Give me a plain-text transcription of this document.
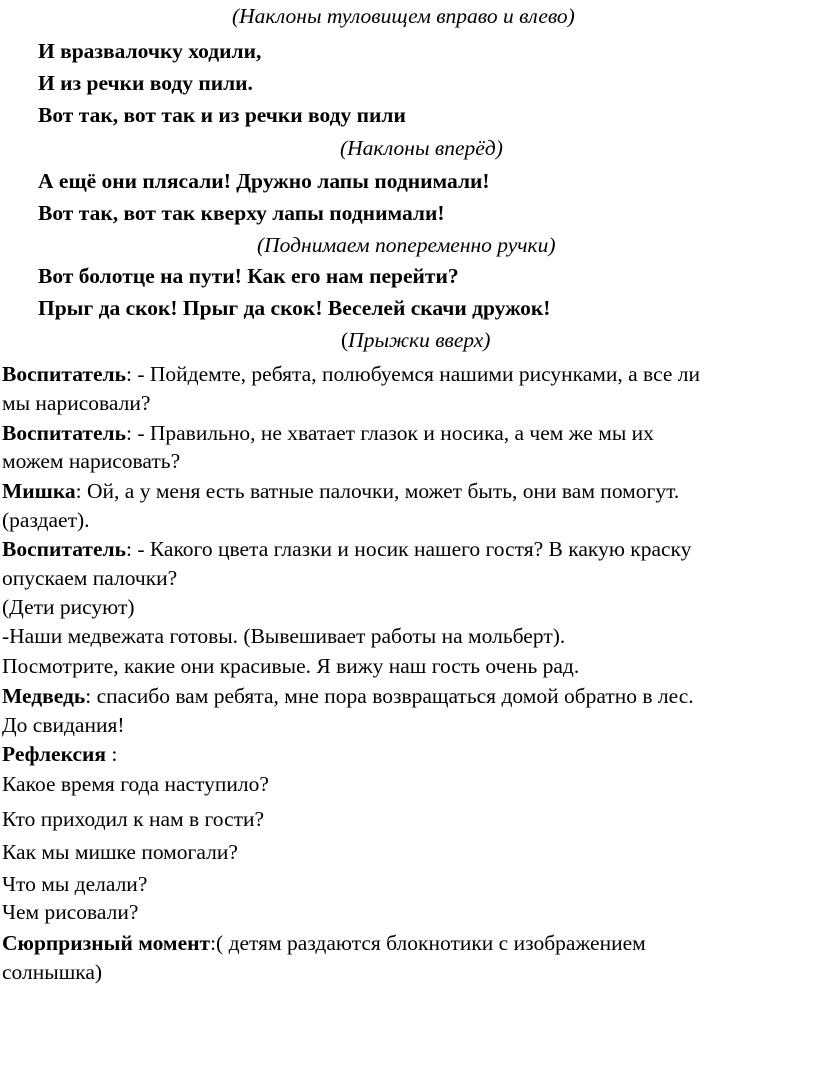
(Наклоны туловищем вправо и влево)
И вразвалочку ходили,
И из речки воду пили.
Вот так, вот так и из речки воду пили
(Наклоны вперёд)
А ещё они плясали! Дружно лапы поднимали!
Вот так, вот так кверху лапы поднимали!
(Поднимаем попеременно ручки)
Вот болотце на пути! Как его нам перейти?
Прыг да скок! Прыг да скок! Веселей скачи дружок!
(Прыжки вверх)
Воспитатель: - Пойдемте, ребята, полюбуемся нашими рисунками, а все ли
мы нарисовали?
Воспитатель: - Правильно, не хватает глазок и носика, а чем же мы их
можем нарисовать?
Мишка: Ой, а у меня есть ватные палочки, может быть, они вам помогут.
(раздает).
Воспитатель: - Какого цвета глазки и носик нашего гостя? В какую краску
опускаем палочки?
(Дети рисуют)
-Наши медвежата готовы. (Вывешивает работы на мольберт).
Посмотрите, какие они красивые. Я вижу наш гость очень рад.
Медведь: спасибо вам ребята, мне пора возвращаться домой обратно в лес.
До свидания!
Рефлексия :
Какое время года наступило?
Кто приходил к нам в гости?
Как мы мишке помогали?
Что мы делали?
Чем рисовали?
Сюрпризный момент:( детям раздаются блокнотики с изображением
солнышка)
